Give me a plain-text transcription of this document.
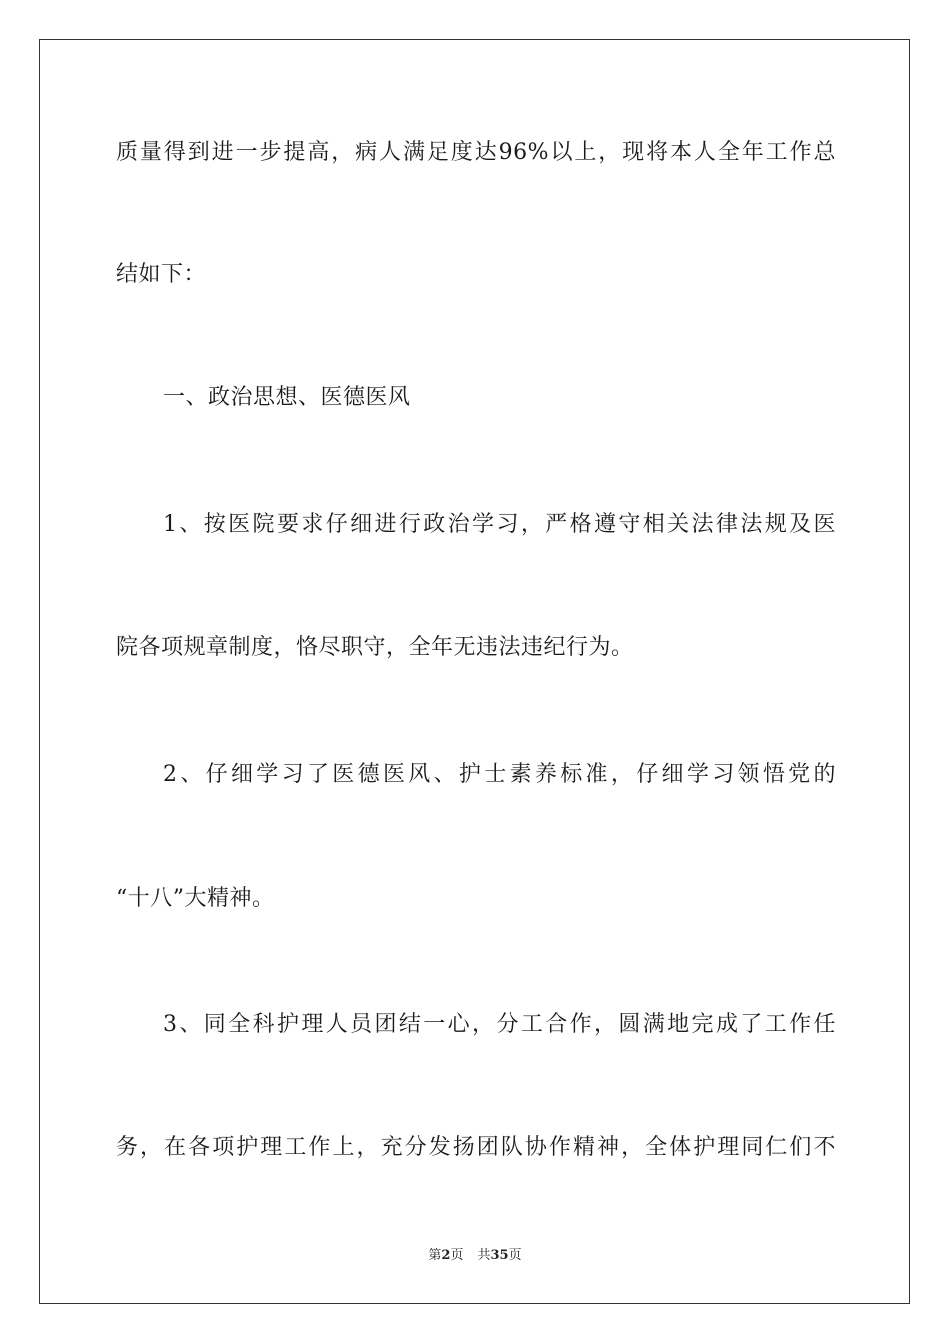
质量得到进一步提高，病人满足度达96%以上，现将本人全年工作总
结如下：
一、政治思想、医德医风
1、按医院要求仔细进行政治学习，严格遵守相关法律法规及医
院各项规章制度，恪尽职守，全年无违法违纪行为。
2、仔细学习了医德医风、护士素养标准，仔细学习领悟党的
“十八”大精神。
3、同全科护理人员团结一心，分工合作，圆满地完成了工作任
务，在各项护理工作上，充分发扬团队协作精神，全体护理同仁们不
第2页 共35页
